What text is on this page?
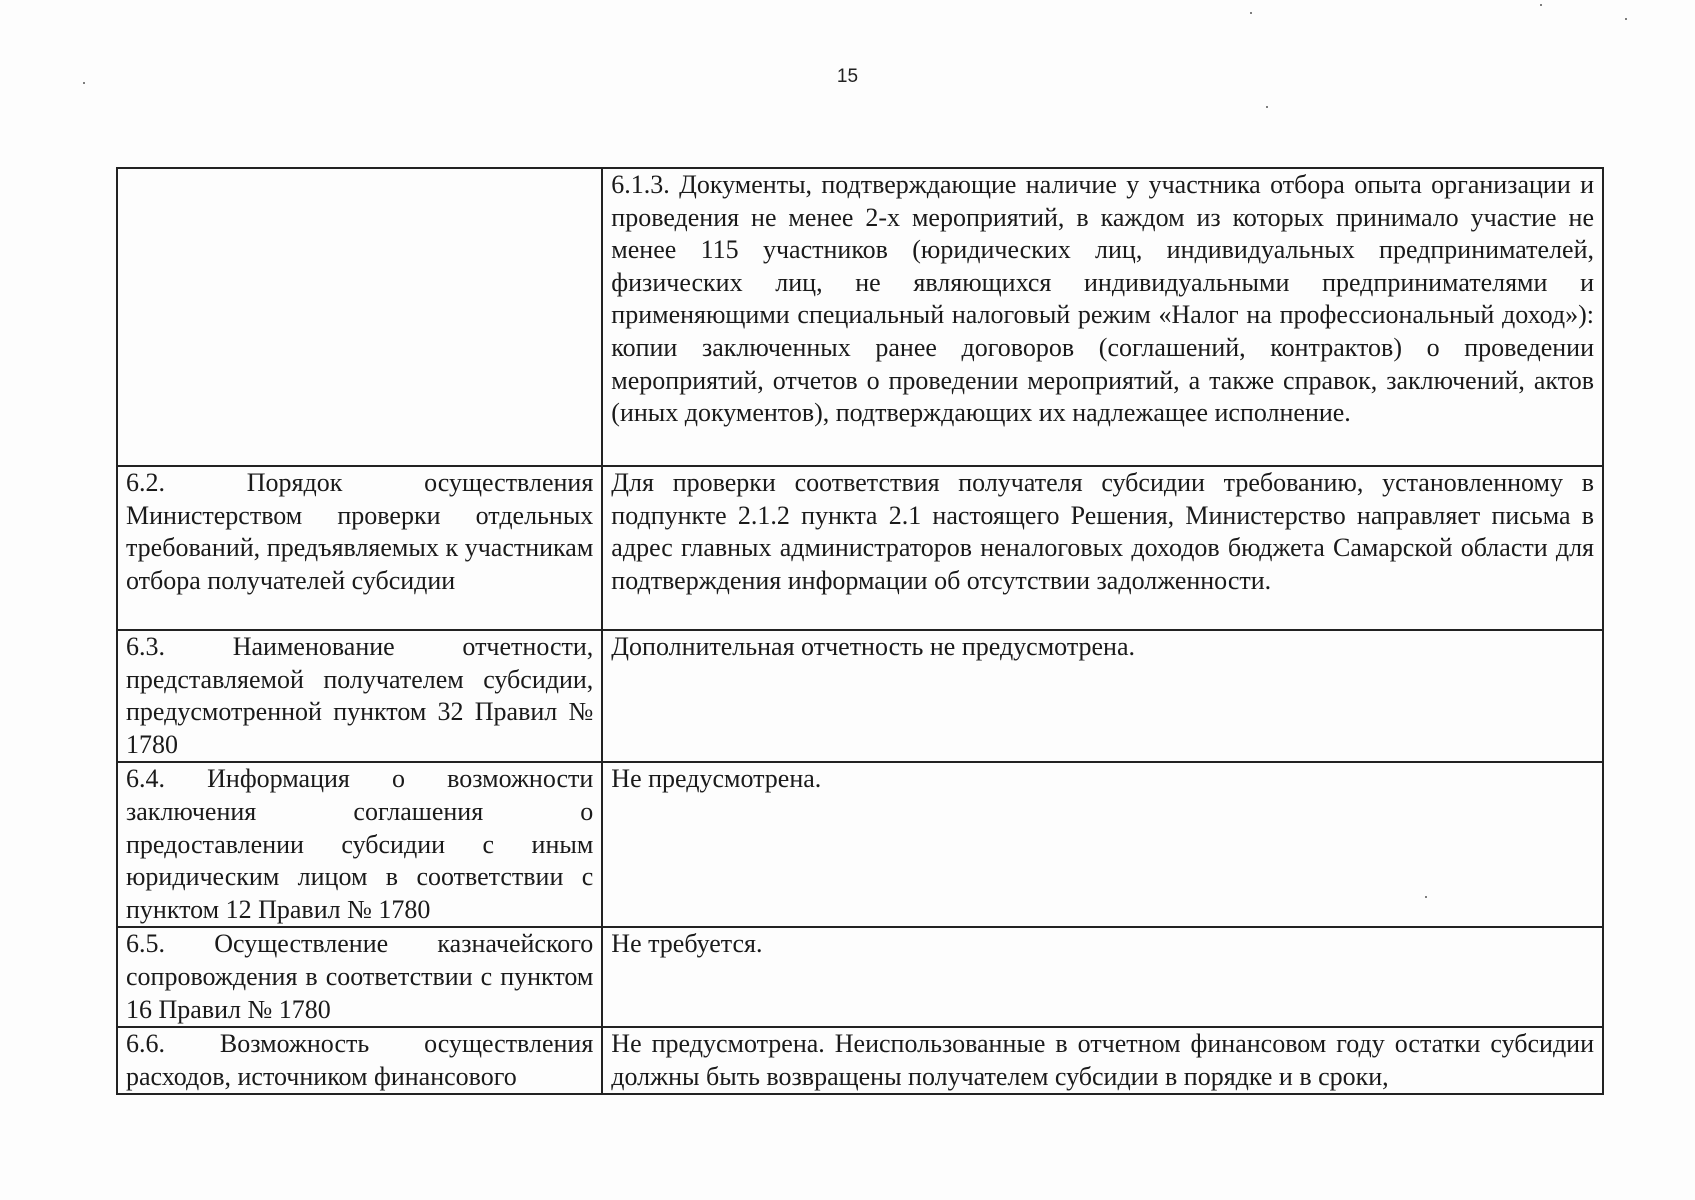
15

	6.1.3. Документы, подтверждающие наличие у участника отбора опыта организации и проведения не менее 2-х мероприятий, в каждом из которых принимало участие не менее 115 участников (юридических лиц, индивидуальных предпринимателей, физических лиц, не являющихся индивидуальными предпринимателями и применяющими специальный налоговый режим «Налог на профессиональный доход»): копии заключенных ранее договоров (соглашений, контрактов) о проведении мероприятий, отчетов о проведении мероприятий, а также справок, заключений, актов (иных документов), подтверждающих их надлежащее исполнение.

6.2. Порядок осуществления Министерством проверки отдельных требований, предъявляемых к участникам отбора получателей субсидии	Для проверки соответствия получателя субсидии требованию, установленному в подпункте 2.1.2 пункта 2.1 настоящего Решения, Министерство направляет письма в адрес главных администраторов неналоговых доходов бюджета Самарской области для подтверждения информации об отсутствии задолженности.

6.3. Наименование отчетности, представляемой получателем субсидии, предусмотренной пунктом 32 Правил № 1780	Дополнительная отчетность не предусмотрена.

6.4. Информация о возможности заключения соглашения о предоставлении субсидии с иным юридическим лицом в соответствии с пунктом 12 Правил № 1780	Не предусмотрена.

6.5. Осуществление казначейского сопровождения в соответствии с пунктом 16 Правил № 1780	Не требуется.

6.6. Возможность осуществления расходов, источником финансового	Не предусмотрена. Неиспользованные в отчетном финансовом году остатки субсидии должны быть возвращены получателем субсидии в порядке и в сроки,
